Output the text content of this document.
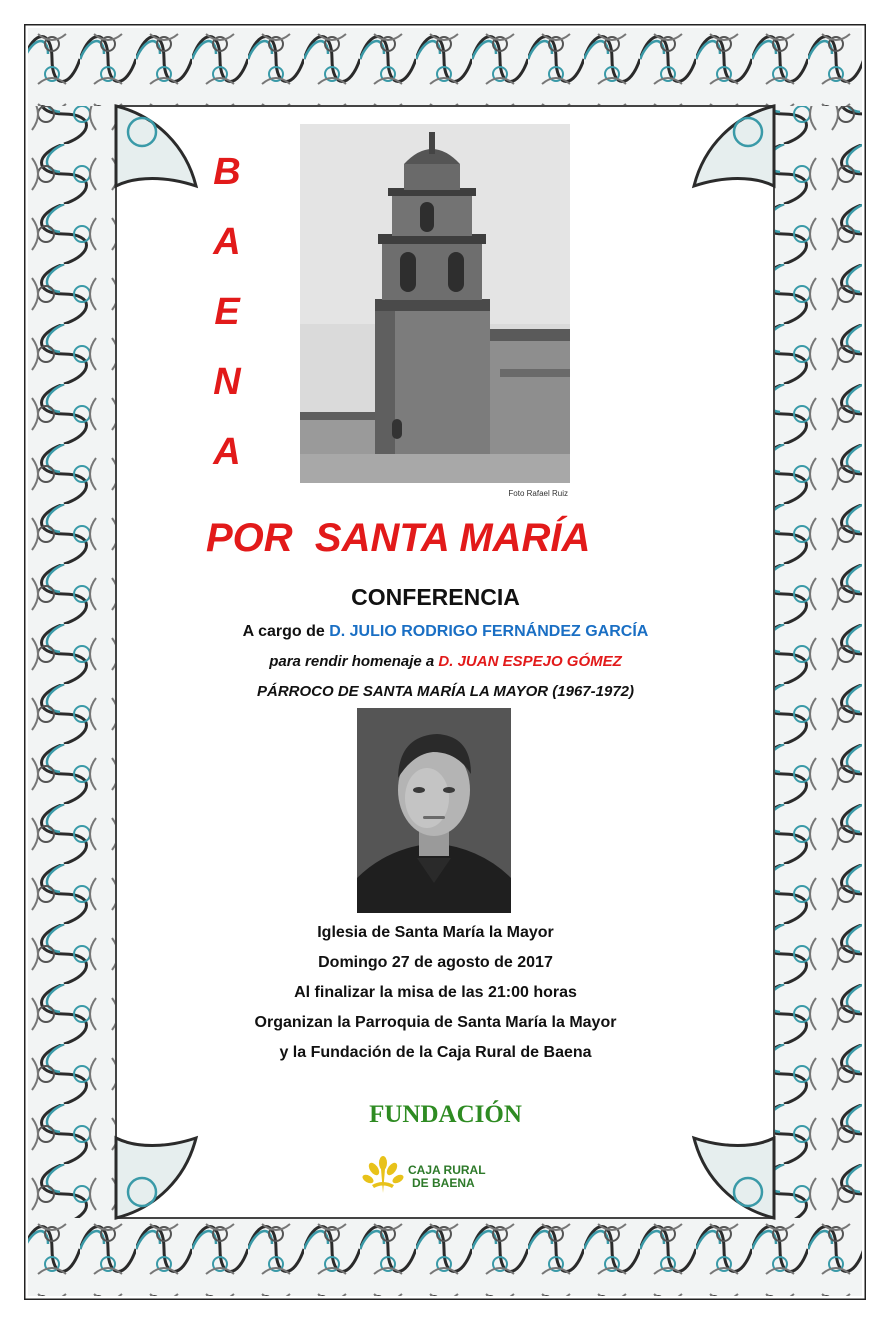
B
A
E
N
A
Foto Rafael Ruiz
POR  SANTA MARÍA
CONFERENCIA
A cargo de D. JULIO RODRIGO FERNÁNDEZ GARCÍA
para rendir homenaje a D. JUAN ESPEJO GÓMEZ
PÁRROCO DE SANTA MARÍA LA MAYOR (1967-1972)
Iglesia de Santa María la Mayor
Domingo 27 de agosto de 2017
Al finalizar la misa de las 21:00 horas
Organizan la Parroquia de Santa María la Mayor
y la Fundación de la Caja Rural de Baena
FUNDACIÓN
CAJA RURAL
DE BAENA
